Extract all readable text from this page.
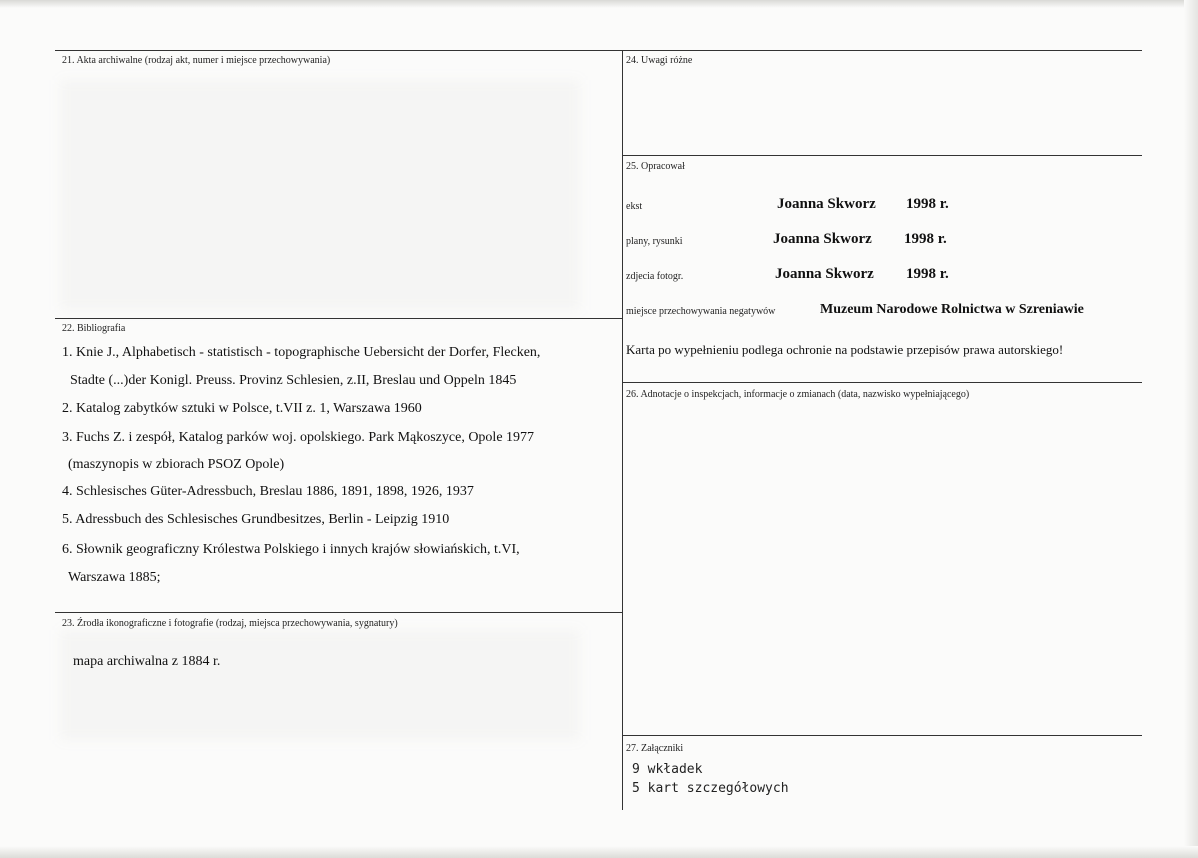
21. Akta archiwalne (rodzaj akt, numer i miejsce przechowywania)
22. Bibliografia
1. Knie J., Alphabetisch - statistisch - topographische Uebersicht der Dorfer, Flecken,
Stadte (...)der Konigl. Preuss. Provinz Schlesien, z.II, Breslau und Oppeln 1845
2. Katalog zabytków sztuki w Polsce, t.VII z. 1, Warszawa 1960
3. Fuchs Z. i zespół, Katalog parków woj. opolskiego. Park Mąkoszyce, Opole 1977
(maszynopis w zbiorach PSOZ Opole)
4. Schlesisches Güter-Adressbuch, Breslau 1886, 1891, 1898, 1926, 1937
5. Adressbuch des Schlesisches Grundbesitzes, Berlin - Leipzig 1910
6. Słownik geograficzny Królestwa Polskiego i innych krajów słowiańskich, t.VI,
Warszawa 1885;
23. Źrodła ikonograficzne i fotografie (rodzaj, miejsca przechowywania, sygnatury)
mapa archiwalna z 1884 r.
24. Uwagi różne
25. Opracował
ekst	Joanna Skworz 1998 r.
plany, rysunki	Joanna Skworz 1998 r.
zdjecia fotogr.	Joanna Skworz 1998 r.
miejsce przechowywania negatywów	Muzeum Narodowe Rolnictwa w Szreniawie
Karta po wypełnieniu podlega ochronie na podstawie przepisów prawa autorskiego!
26. Adnotacje o inspekcjach, informacje o zmianach (data, nazwisko wypełniającego)
27. Załączniki
9 wkładek
5 kart szczegółowych
